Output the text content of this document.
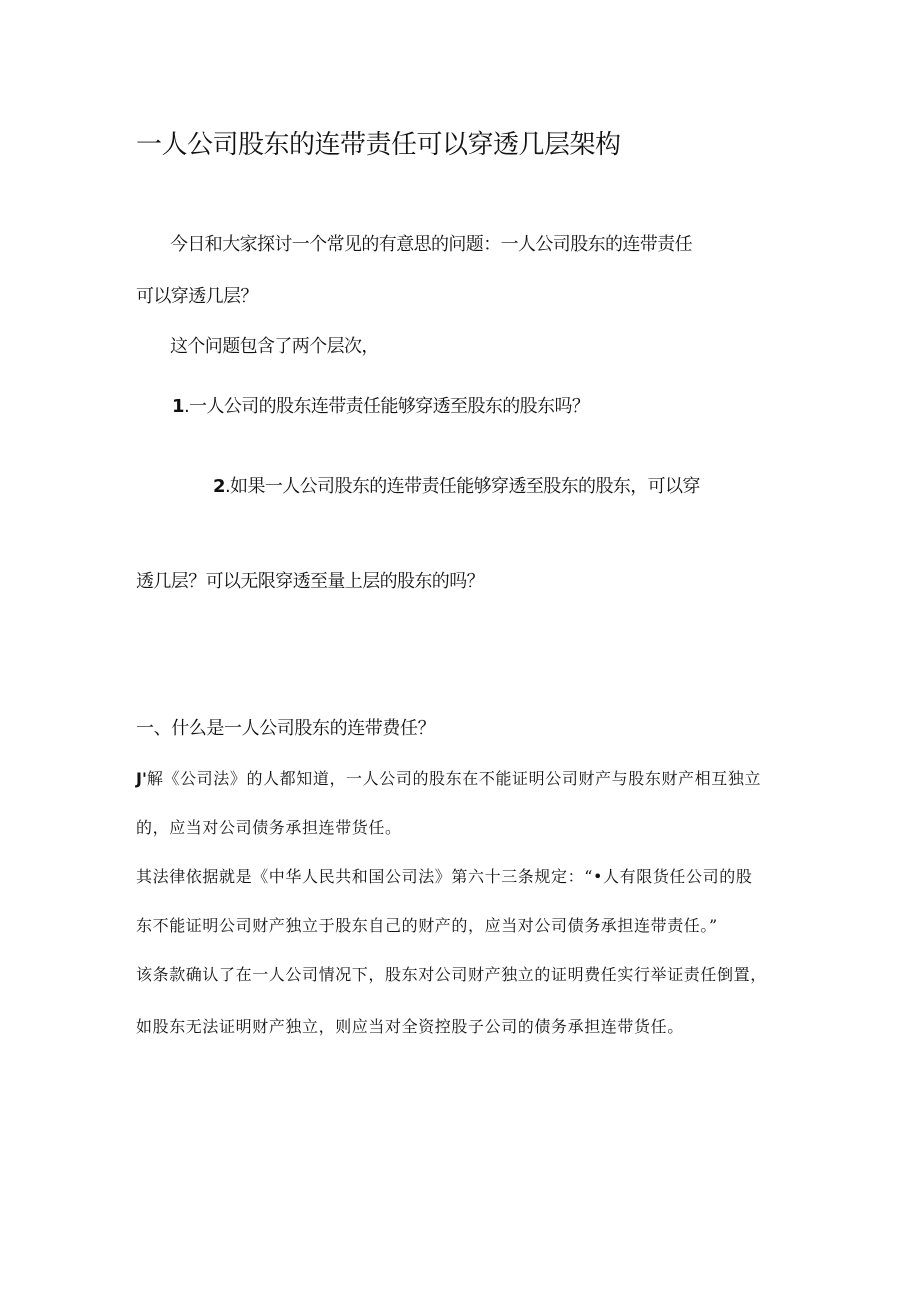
一人公司股东的连带责任可以穿透几层架构
今日和大家探讨一个常见的有意思的问题：一人公司股东的连带责任
可以穿透几层？
这个问题包含了两个层次，
1.一人公司的股东连带责任能够穿透至股东的股东吗？
2.如果一人公司股东的连带责任能够穿透至股东的股东，可以穿
透几层？可以无限穿透至量上层的股东的吗？
一、什么是一人公司股东的连带费任？
J'解《公司法》的人都知道，一人公司的股东在不能证明公司财产与股东财产相互独立
的，应当对公司债务承担连带货任。
其法律依据就是《中华人民共和国公司法》第六十三条规定：“•人有限货任公司的股
东不能证明公司财产独立于股东自己的财产的，应当对公司债务承担连带责任。”
该条款确认了在一人公司情况下，股东对公司财产独立的证明费任实行举证责任倒置，
如股东无法证明财产独立，则应当对全资控股子公司的债务承担连带货任。
